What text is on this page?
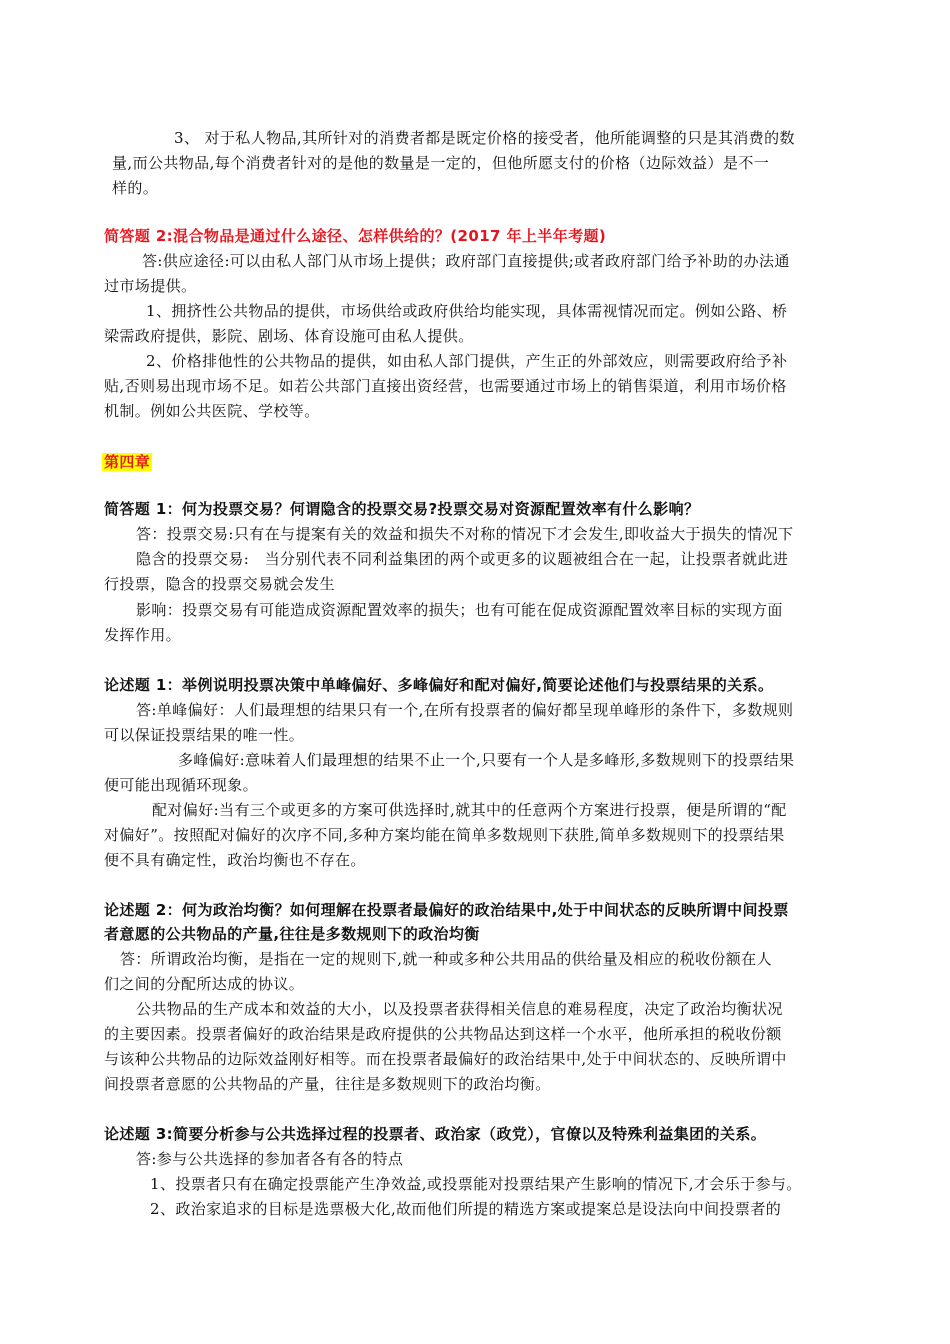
3、 对于私人物品,其所针对的消费者都是既定价格的接受者，他所能调整的只是其消费的数
量,而公共物品,每个消费者针对的是他的数量是一定的，但他所愿支付的价格（边际效益）是不一
样的。
简答题 2:混合物品是通过什么途径、怎样供给的？(2017 年上半年考题)
答:供应途径:可以由私人部门从市场上提供；政府部门直接提供;或者政府部门给予补助的办法通
过市场提供。
1、拥挤性公共物品的提供，市场供给或政府供给均能实现，具体需视情况而定。例如公路、桥
梁需政府提供，影院、剧场、体育设施可由私人提供。
2、价格排他性的公共物品的提供，如由私人部门提供，产生正的外部效应，则需要政府给予补
贴,否则易出现市场不足。如若公共部门直接出资经营，也需要通过市场上的销售渠道，利用市场价格
机制。例如公共医院、学校等。
第四章
简答题 1：何为投票交易？何谓隐含的投票交易?投票交易对资源配置效率有什么影响？
答：投票交易:只有在与提案有关的效益和损失不对称的情况下才会发生,即收益大于损失的情况下
隐含的投票交易:　当分别代表不同利益集团的两个或更多的议题被组合在一起，让投票者就此进
行投票，隐含的投票交易就会发生
影响：投票交易有可能造成资源配置效率的损失；也有可能在促成资源配置效率目标的实现方面
发挥作用。
论述题 1：举例说明投票决策中单峰偏好、多峰偏好和配对偏好,简要论述他们与投票结果的关系。
答:单峰偏好：人们最理想的结果只有一个,在所有投票者的偏好都呈现单峰形的条件下，多数规则
可以保证投票结果的唯一性。
多峰偏好:意味着人们最理想的结果不止一个,只要有一个人是多峰形,多数规则下的投票结果
便可能出现循环现象。
配对偏好:当有三个或更多的方案可供选择时,就其中的任意两个方案进行投票，便是所谓的“配
对偏好”。按照配对偏好的次序不同,多种方案均能在简单多数规则下获胜,简单多数规则下的投票结果
便不具有确定性，政治均衡也不存在。
论述题 2：何为政治均衡？如何理解在投票者最偏好的政治结果中,处于中间状态的反映所谓中间投票
者意愿的公共物品的产量,往往是多数规则下的政治均衡
答：所谓政治均衡，是指在一定的规则下,就一种或多种公共用品的供给量及相应的税收份额在人
们之间的分配所达成的协议。
公共物品的生产成本和效益的大小，以及投票者获得相关信息的难易程度，决定了政治均衡状况
的主要因素。投票者偏好的政治结果是政府提供的公共物品达到这样一个水平，他所承担的税收份额
与该种公共物品的边际效益刚好相等。而在投票者最偏好的政治结果中,处于中间状态的、反映所谓中
间投票者意愿的公共物品的产量，往往是多数规则下的政治均衡。
论述题 3:简要分析参与公共选择过程的投票者、政治家（政党），官僚以及特殊利益集团的关系。
答:参与公共选择的参加者各有各的特点
1、投票者只有在确定投票能产生净效益,或投票能对投票结果产生影响的情况下,才会乐于参与。
2、政治家追求的目标是选票极大化,故而他们所提的精选方案或提案总是设法向中间投票者的
